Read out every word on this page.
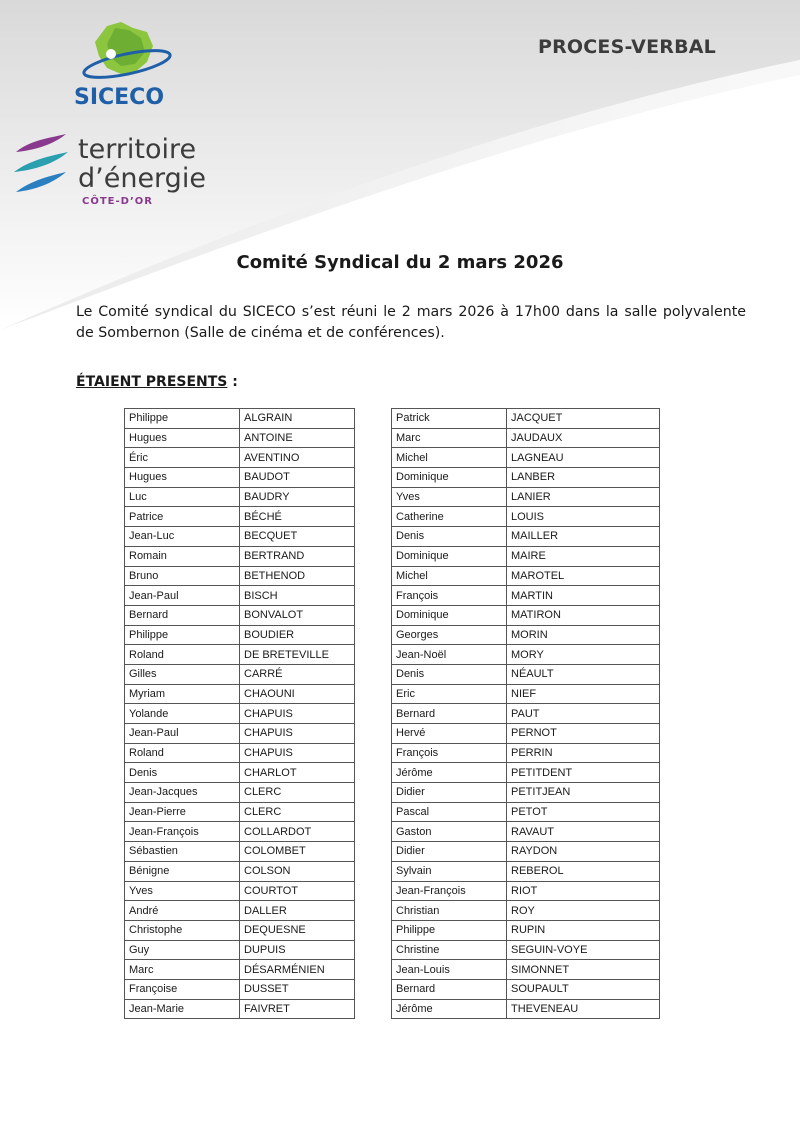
SICECO
territoire
d’énergie
CÔTE-D’OR
PROCES-VERBAL
Comité Syndical du 2 mars 2026
Le Comité syndical du SICECO s’est réuni le 2 mars 2026 à 17h00 dans la salle polyvalente de Sombernon (Salle de cinéma et de conférences).
ÉTAIENT PRESENTS :
Philippe	ALGRAIN
Hugues	ANTOINE
Éric	AVENTINO
Hugues	BAUDOT
Luc	BAUDRY
Patrice	BÉCHÉ
Jean-Luc	BECQUET
Romain	BERTRAND
Bruno	BETHENOD
Jean-Paul	BISCH
Bernard	BONVALOT
Philippe	BOUDIER
Roland	DE BRETEVILLE
Gilles	CARRÉ
Myriam	CHAOUNI
Yolande	CHAPUIS
Jean-Paul	CHAPUIS
Roland	CHAPUIS
Denis	CHARLOT
Jean-Jacques	CLERC
Jean-Pierre	CLERC
Jean-François	COLLARDOT
Sébastien	COLOMBET
Bénigne	COLSON
Yves	COURTOT
André	DALLER
Christophe	DEQUESNE
Guy	DUPUIS
Marc	DÉSARMÉNIEN
Françoise	DUSSET
Jean-Marie	FAIVRET
Patrick	JACQUET
Marc	JAUDAUX
Michel	LAGNEAU
Dominique	LANBER
Yves	LANIER
Catherine	LOUIS
Denis	MAILLER
Dominique	MAIRE
Michel	MAROTEL
François	MARTIN
Dominique	MATIRON
Georges	MORIN
Jean-Noël	MORY
Denis	NÉAULT
Eric	NIEF
Bernard	PAUT
Hervé	PERNOT
François	PERRIN
Jérôme	PETITDENT
Didier	PETITJEAN
Pascal	PETOT
Gaston	RAVAUT
Didier	RAYDON
Sylvain	REBEROL
Jean-François	RIOT
Christian	ROY
Philippe	RUPIN
Christine	SEGUIN-VOYE
Jean-Louis	SIMONNET
Bernard	SOUPAULT
Jérôme	THEVENEAU
